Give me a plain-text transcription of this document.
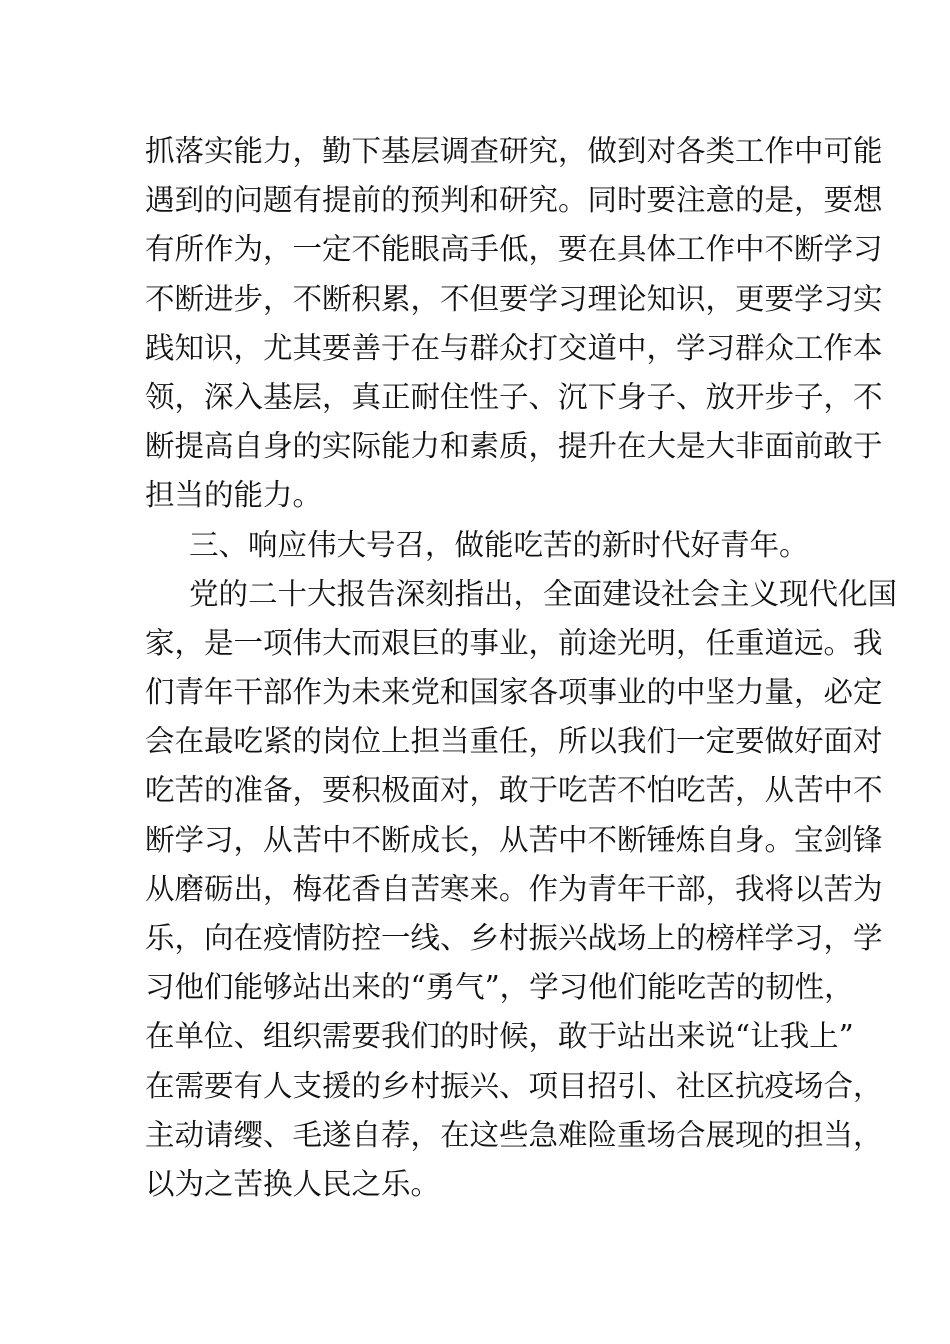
抓落实能力，勤下基层调查研究，做到对各类工作中可能
遇到的问题有提前的预判和研究。同时要注意的是，要想
有所作为，一定不能眼高手低，要在具体工作中不断学习
不断进步，不断积累，不但要学习理论知识，更要学习实
践知识，尤其要善于在与群众打交道中，学习群众工作本
领，深入基层，真正耐住性子、沉下身子、放开步子，不
断提高自身的实际能力和素质，提升在大是大非面前敢于
担当的能力。
三、响应伟大号召，做能吃苦的新时代好青年。
党的二十大报告深刻指出，全面建设社会主义现代化国
家，是一项伟大而艰巨的事业，前途光明，任重道远。我
们青年干部作为未来党和国家各项事业的中坚力量，必定
会在最吃紧的岗位上担当重任，所以我们一定要做好面对
吃苦的准备，要积极面对，敢于吃苦不怕吃苦，从苦中不
断学习，从苦中不断成长，从苦中不断锤炼自身。宝剑锋
从磨砺出，梅花香自苦寒来。作为青年干部，我将以苦为
乐，向在疫情防控一线、乡村振兴战场上的榜样学习，学
习他们能够站出来的“勇气”，学习他们能吃苦的韧性，
在单位、组织需要我们的时候，敢于站出来说“让我上”
在需要有人支援的乡村振兴、项目招引、社区抗疫场合，
主动请缨、毛遂自荐，在这些急难险重场合展现的担当，
以为之苦换人民之乐。
